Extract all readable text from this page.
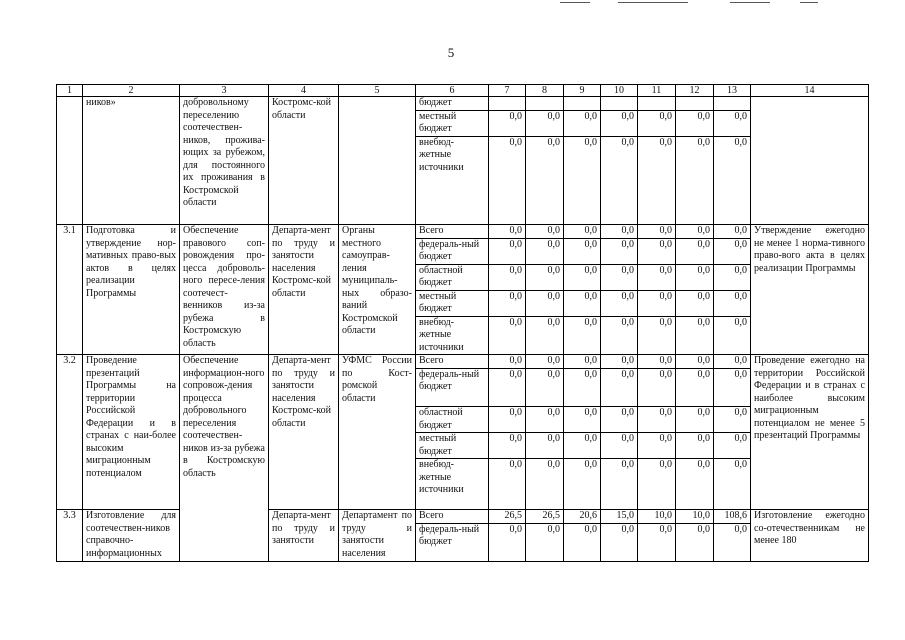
5
1	2	3	4	5	6	7	8	9	10	11	12	13	14
	ников»	добровольному переселению соотечествен-ников, прожива-ющих за рубежом, для постоянного их проживания в Костромской области	Костромс-кой области		бюджет								
					местный бюджет	0,0	0,0	0,0	0,0	0,0	0,0	0,0	
					внебюд-жетные источники	0,0	0,0	0,0	0,0	0,0	0,0	0,0	
3.1	Подготовка и утверждение нор-мативных право-вых актов в целях реализации Программы	Обеспечение правового соп-ровождения про-цесса доброволь-ного пересе-ления соотечест-венников из-за рубежа в Костромскую область	Департа-мент по труду и занятости населения Костромс-кой области	Органы местного самоуправ-ления муниципаль-ных образо-ваний Костромской области	Всего	0,0	0,0	0,0	0,0	0,0	0,0	0,0	Утверждение ежегодно не менее 1 норма-тивного право-вого акта в целях реализации Программы
					федераль-ный бюджет	0,0	0,0	0,0	0,0	0,0	0,0	0,0	
					областной бюджет	0,0	0,0	0,0	0,0	0,0	0,0	0,0	
					местный бюджет	0,0	0,0	0,0	0,0	0,0	0,0	0,0	
					внебюд-жетные источники	0,0	0,0	0,0	0,0	0,0	0,0	0,0	
3.2	Проведение презентаций Программы на территории Российской Федерации и в странах с наи-более высоким миграционным потенциалом	Обеспечение информацион-ного сопровож-дения процесса добровольного переселения соотечествен-ников из-за рубежа в Костромскую область	Департа-мент по труду и занятости населения Костромс-кой области	УФМС России по Кост-ромской области	Всего	0,0	0,0	0,0	0,0	0,0	0,0	0,0	Проведение ежегодно на территории Российской Федерации и в странах с наиболее высоким миграционным потенциалом не менее 5 презентаций Программы
					федераль-ный бюджет	0,0	0,0	0,0	0,0	0,0	0,0	0,0	
					областной бюджет	0,0	0,0	0,0	0,0	0,0	0,0	0,0	
					местный бюджет	0,0	0,0	0,0	0,0	0,0	0,0	0,0	
					внебюд-жетные источники	0,0	0,0	0,0	0,0	0,0	0,0	0,0	
3.3	Изготовление для соотечествен-ников справочно-информационных		Департа-мент по труду и занятости	Департамент по труду и занятости населения	Всего	26,5	26,5	20,6	15,0	10,0	10,0	108,6	Изготовление ежегодно со-отечественникам не менее 180
					федераль-ный бюджет	0,0	0,0	0,0	0,0	0,0	0,0	0,0	
